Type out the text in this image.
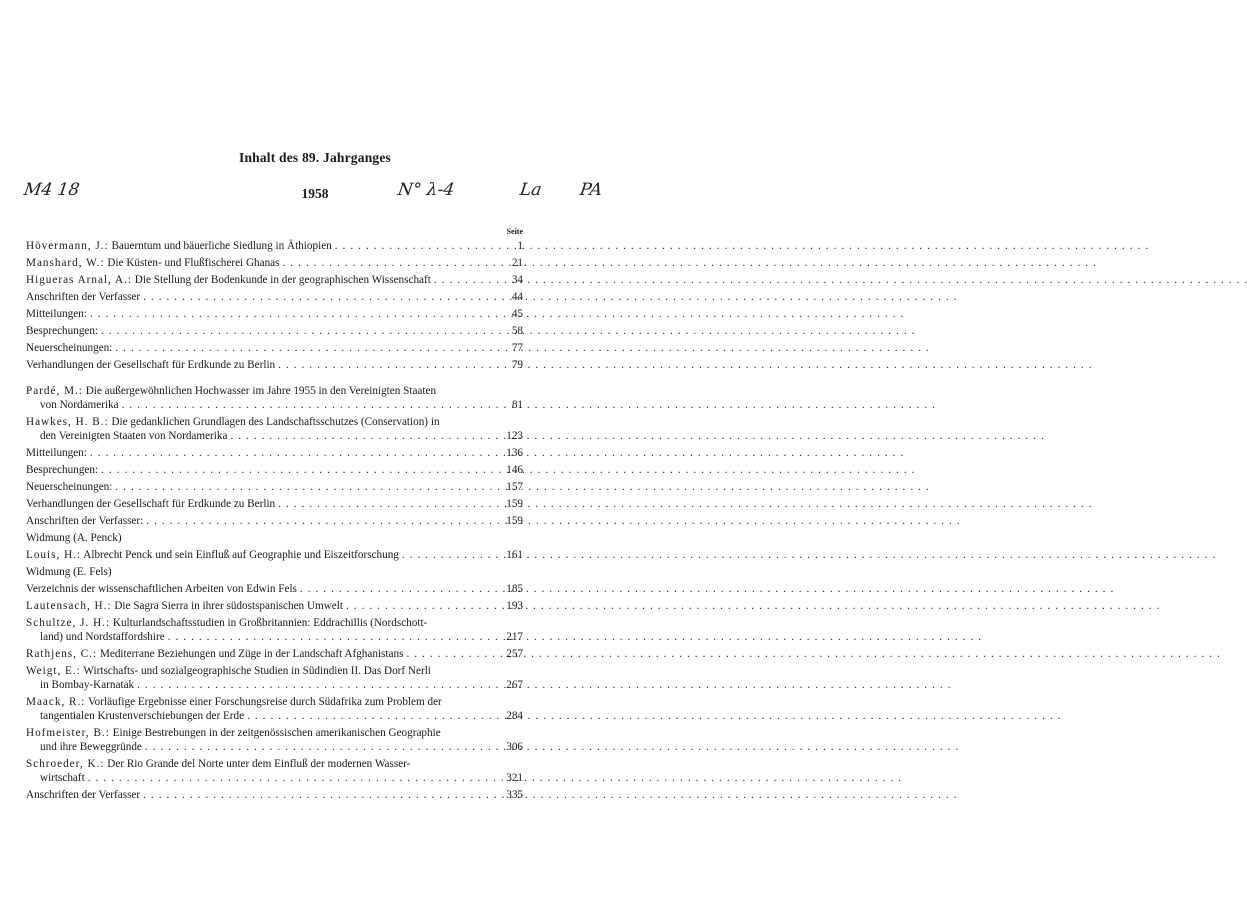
Inhalt des 89. Jahrganges
1958
M4 18	N° λ-4	La PA
Seite
Hövermann, J.: Bauerntum und bäuerliche Siedlung in Äthiopien . . .	1
Manshard, W.: Die Küsten- und Flußfischerei Ghanas . . .	21
Higueras Arnal, A.: Die Stellung der Bodenkunde in der geographischen Wissenschaft . . .	34
Anschriften der Verfasser . . .	44
Mitteilungen: . . .	45
Besprechungen: . . .	58
Neuerscheinungen: . . .	77
Verhandlungen der Gesellschaft für Erdkunde zu Berlin . . .	79
Pardé, M.: Die außergewöhnlichen Hochwasser im Jahre 1955 in den Vereinigten Staaten
von Nordamerika . . .	81
Hawkes, H. B.: Die gedanklichen Grundlagen des Landschaftsschutzes (Conservation) in
den Vereinigten Staaten von Nordamerika . . .	123
Mitteilungen: . . .	136
Besprechungen: . . .	146
Neuerscheinungen: . . .	157
Verhandlungen der Gesellschaft für Erdkunde zu Berlin . . .	159
Anschriften der Verfasser: . . .	159
Widmung (A. Penck)
Louis, H.: Albrecht Penck und sein Einfluß auf Geographie und Eiszeitforschung . . .	161
Widmung (E. Fels)
Verzeichnis der wissenschaftlichen Arbeiten von Edwin Fels . . .	185
Lautensach, H.: Die Sagra Sierra in ihrer südostspanischen Umwelt . . .	193
Schultze, J. H.: Kulturlandschaftsstudien in Großbritannien: Eddrachillis (Nordschott-
land) und Nordstaffordshire . . .	217
Rathjens, C.: Mediterrane Beziehungen und Züge in der Landschaft Afghanistans . . .	257
Weigt, E.: Wirtschafts- und sozialgeographische Studien in Südindien II. Das Dorf Nerli
in Bombay-Karnatak . . .	267
Maack, R.: Vorläufige Ergebnisse einer Forschungsreise durch Südafrika zum Problem der
tangentialen Krustenverschiebungen der Erde . . .	284
Hofmeister, B.: Einige Bestrebungen in der zeitgenössischen amerikanischen Geographie
und ihre Beweggründe . . .	306
Schroeder, K.: Der Rio Grande del Norte unter dem Einfluß der modernen Wasser-
wirtschaft . . .	321
Anschriften der Verfasser . . .	335
